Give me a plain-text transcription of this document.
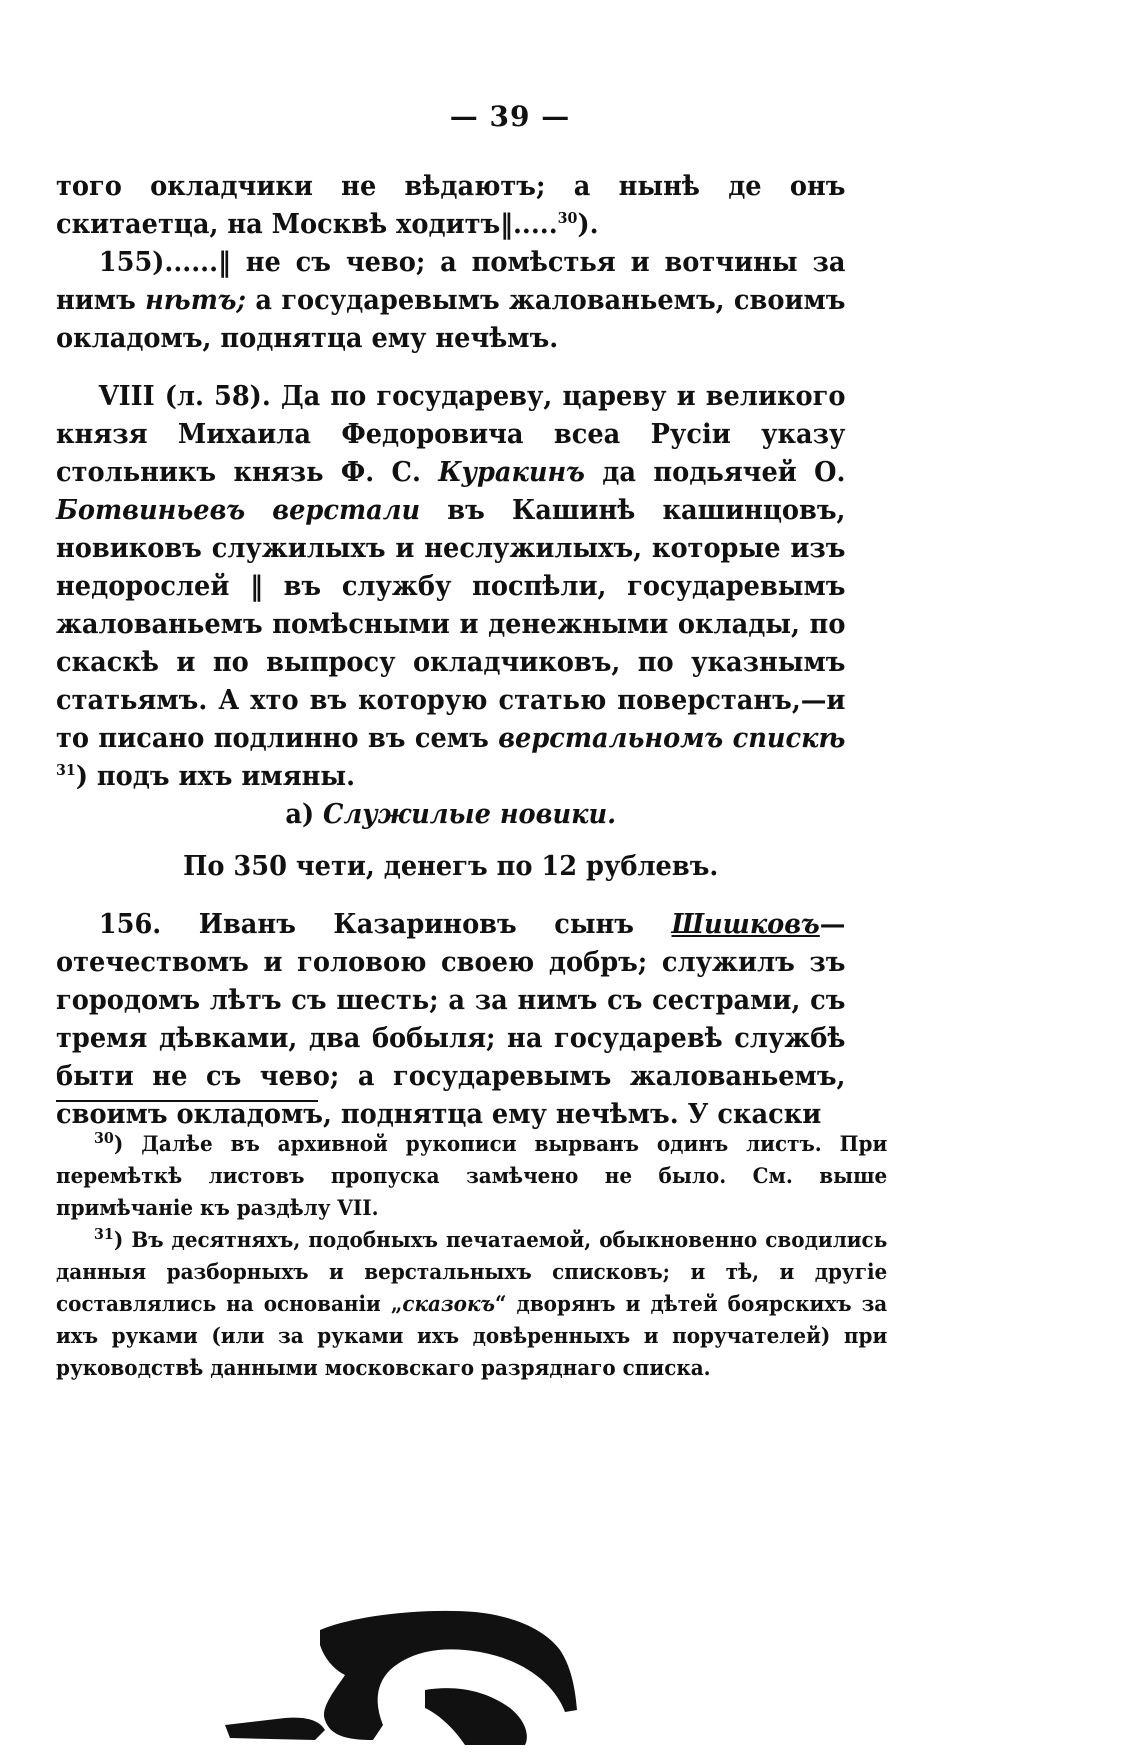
— 39 —

того окладчики не вѣдаютъ; а нынѣ де онъ скитаетца, на Москвѣ ходитъ‖.....$^{30}$).

155)......‖ не съ чево; а помѣстья и вотчины за нимъ нѣтъ; а государевымъ жалованьемъ, своимъ окладомъ, поднятца ему нечѣмъ.

VIII (л. 58). Да по государеву, цареву и великого князя Михаила Федоровича всеа Русiи указу стольникъ князь Ф. С. Куракинъ да подьячей О. Ботвиньевъ верстали въ Кашинѣ кашинцовъ, новиковъ служилыхъ и неслужилыхъ, которые изъ недорослей ‖ въ службу поспѣли, государевымъ жалованьемъ помѣсными и денежными оклады, по скаскѣ и по выпросу окладчиковъ, по указнымъ статьямъ. А хто въ которую статью поверстанъ,—и то писано подлинно въ семъ верстальномъ спискѣ $^{31}$) подъ ихъ имяны.

а) Служилые новики.

По 350 чети, денегъ по 12 рублевъ.

156. Иванъ Казариновъ сынъ Шишковъ—отечествомъ и головою своею добръ; служилъ зъ городомъ лѣтъ съ шесть; а за нимъ съ сестрами, съ тремя дѣвками, два бобыля; на государевѣ службѣ быти не съ чево; а государевымъ жалованьемъ, своимъ окладомъ, поднятца ему нечѣмъ. У скаски

$^{30}$) Далѣе въ архивной рукописи вырванъ одинъ листъ. При перемѣткѣ листовъ пропуска замѣчено не было. См. выше примѣчанiе къ раздѣлу VII.

$^{31}$) Въ десятняхъ, подобныхъ печатаемой, обыкновенно сводились данныя разборныхъ и верстальныхъ списковъ; и тѣ, и другiе составлялись на основанiи „сказокъ“ дворянъ и дѣтей боярскихъ за ихъ руками (или за руками ихъ довѣренныхъ и поручателей) при руководствѣ данными московскаго разряднаго списка.
